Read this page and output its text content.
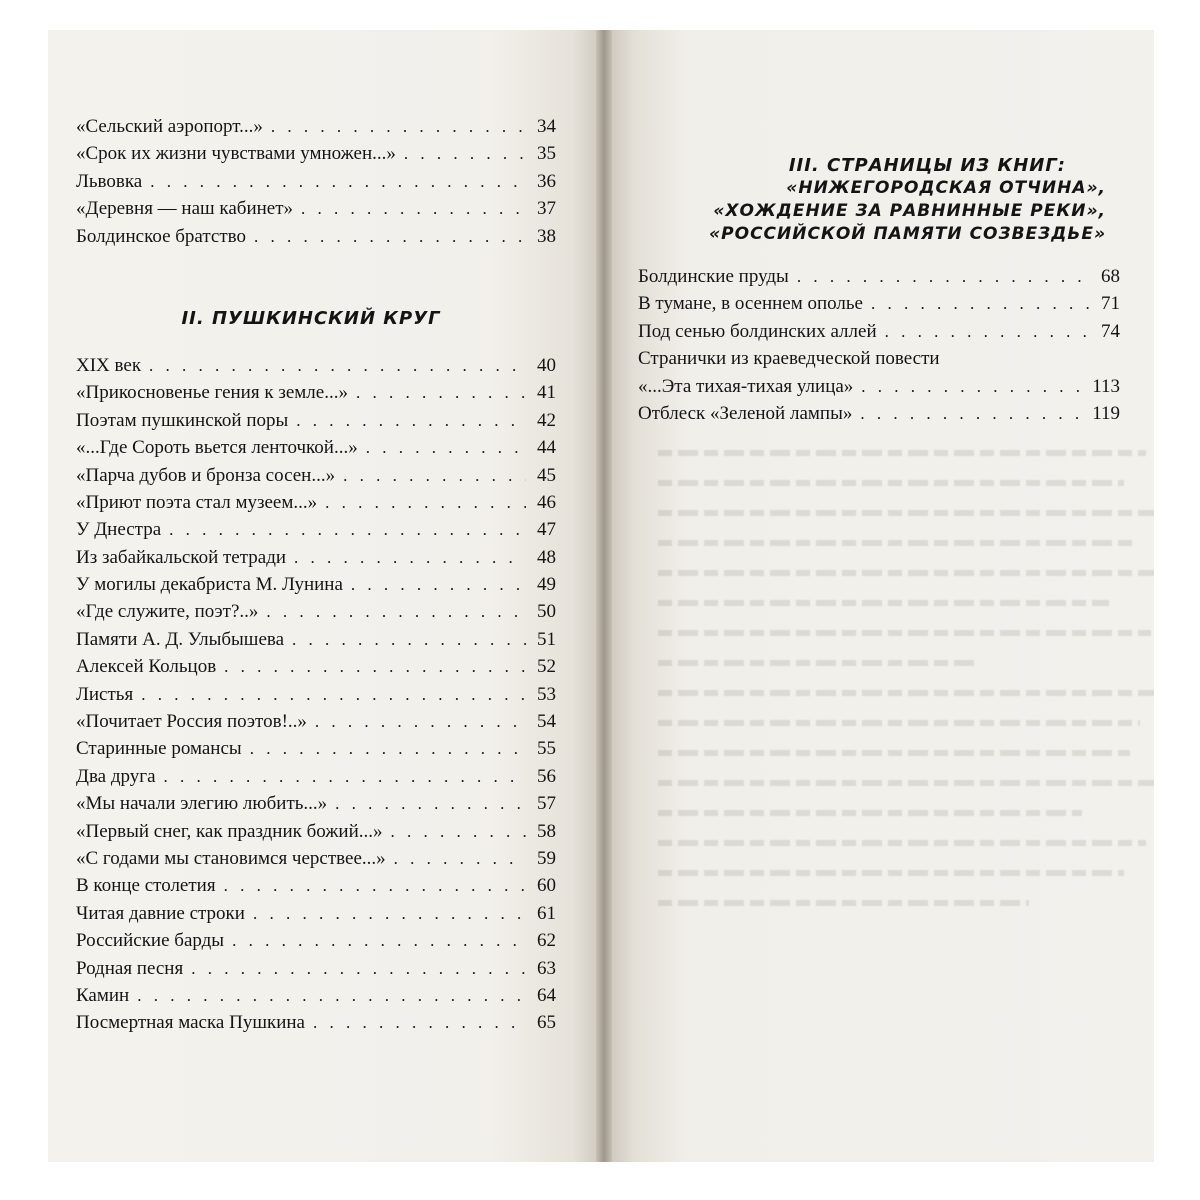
«Сельский аэропорт...» . . .	34
«Срок их жизни чувствами умножен...» . . .	35
Львовка . . .	36
«Деревня — наш кабинет» . . .	37
Болдинское братство . . .	38
II. ПУШКИНСКИЙ КРУГ
XIX век . . .	40
«Прикосновенье гения к земле...» . . .	41
Поэтам пушкинской поры . . .	42
«...Где Сороть вьется ленточкой...» . . .	44
«Парча дубов и бронза сосен...» . . .	45
«Приют поэта стал музеем...» . . .	46
У Днестра . . .	47
Из забайкальской тетради . . .	48
У могилы декабриста М. Лунина . . .	49
«Где служите, поэт?..» . . .	50
Памяти А. Д. Улыбышева . . .	51
Алексей Кольцов . . .	52
Листья . . .	53
«Почитает Россия поэтов!..» . . .	54
Старинные романсы . . .	55
Два друга . . .	56
«Мы начали элегию любить...» . . .	57
«Первый снег, как праздник божий...» . . .	58
«С годами мы становимся черствее...» . . .	59
В конце столетия . . .	60
Читая давние строки . . .	61
Российские барды . . .	62
Родная песня . . .	63
Камин . . .	64
Посмертная маска Пушкина . . .	65
III. СТРАНИЦЫ ИЗ КНИГ:
«НИЖЕГОРОДСКАЯ ОТЧИНА»,
«ХОЖДЕНИЕ ЗА РАВНИННЫЕ РЕКИ»,
«РОССИЙСКОЙ ПАМЯТИ СОЗВЕЗДЬЕ»
Болдинские пруды . . .	68
В тумане, в осеннем ополье . . .	71
Под сенью болдинских аллей . . .	74
Странички из краеведческой повести
«...Эта тихая-тихая улица» . . .	113
Отблеск «Зеленой лампы» . . .	119
